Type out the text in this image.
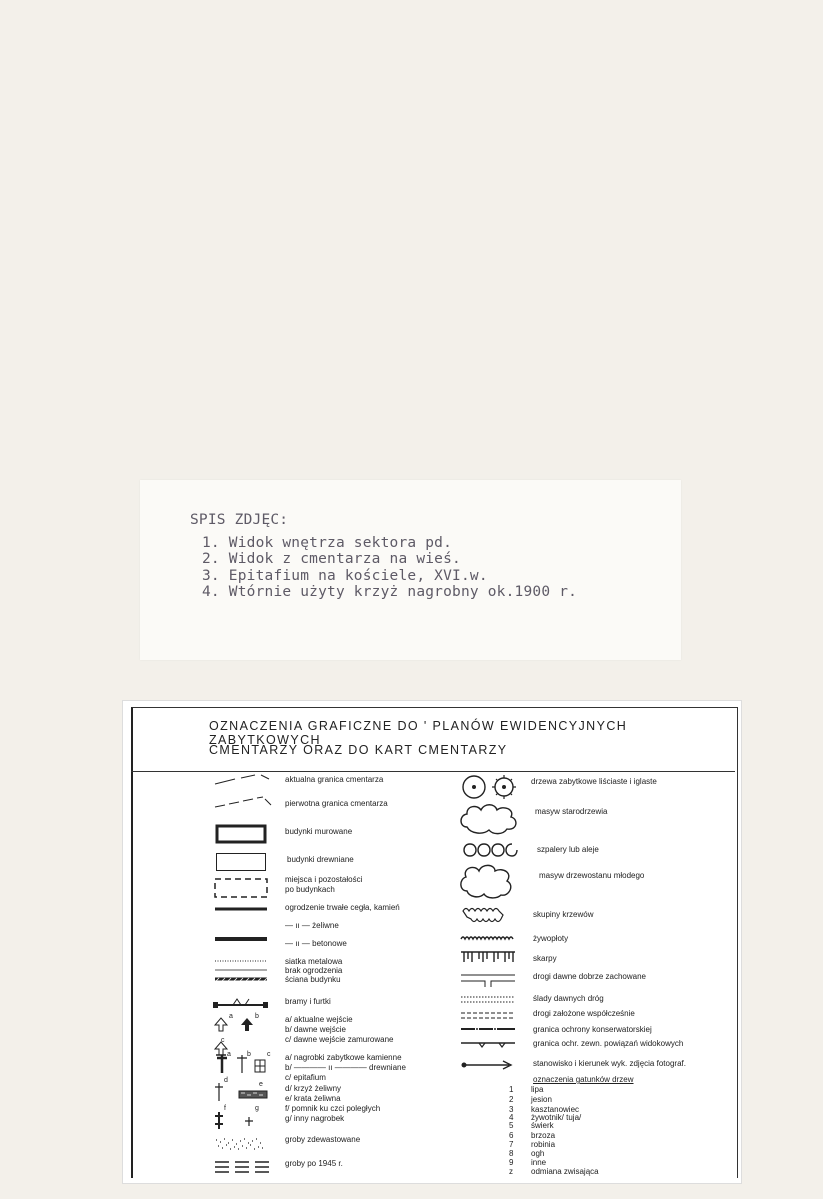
SPIS ZDJĘC:
1. Widok wnętrza sektora pd.
2. Widok z cmentarza na wieś.
3. Epitafium na kościele, XVI.w.
4. Wtórnie użyty krzyż nagrobny ok.1900 r.
OZNACZENIA GRAFICZNE DO ' PLANÓW EWIDENCYJNYCH ZABYTKOWYCH
CMENTARZY ORAZ DO KART CMENTARZY
a	b
c
a b c
d
e
f	g
aktualna granica cmentarza
pierwotna granica cmentarza
budynki murowane
budynki drewniane
miejsca i pozostałości
po budynkach
ogrodzenie trwałe cegła, kamień
— ıı — żeliwne
— ıı — betonowe
siatka metalowa
brak ogrodzenia
ściana budynku
bramy i furtki
a/ aktualne wejście
b/ dawne wejście
c/ dawne wejście zamurowane
a/ nagrobki zabytkowe kamienne
b/ ———— ıı ———— drewniane
c/ epitafium
d/ krzyż żeliwny
e/ krata żeliwna
f/ pomnik ku czci poległych
g/ inny nagrobek
groby zdewastowane
groby po 1945 r.
drzewa zabytkowe liściaste i iglaste
masyw starodrzewia
szpalery lub aleje
masyw drzewostanu młodego
skupiny krzewów
żywopłoty
skarpy
drogi dawne dobrze zachowane
ślady dawnych dróg
drogi założone współcześnie
granica ochrony konserwatorskiej
granica ochr. zewn. powiązań widokowych
stanowisko i kierunek wyk. zdjęcia fotograf.
oznaczenia gatunków drzew
1
2
3
4
5
6
7
8
9
z
lipa
jesion
kasztanowiec
żywotnik/ tuja/
świerk
brzoza
robinia
ogh
inne
odmiana zwisająca
